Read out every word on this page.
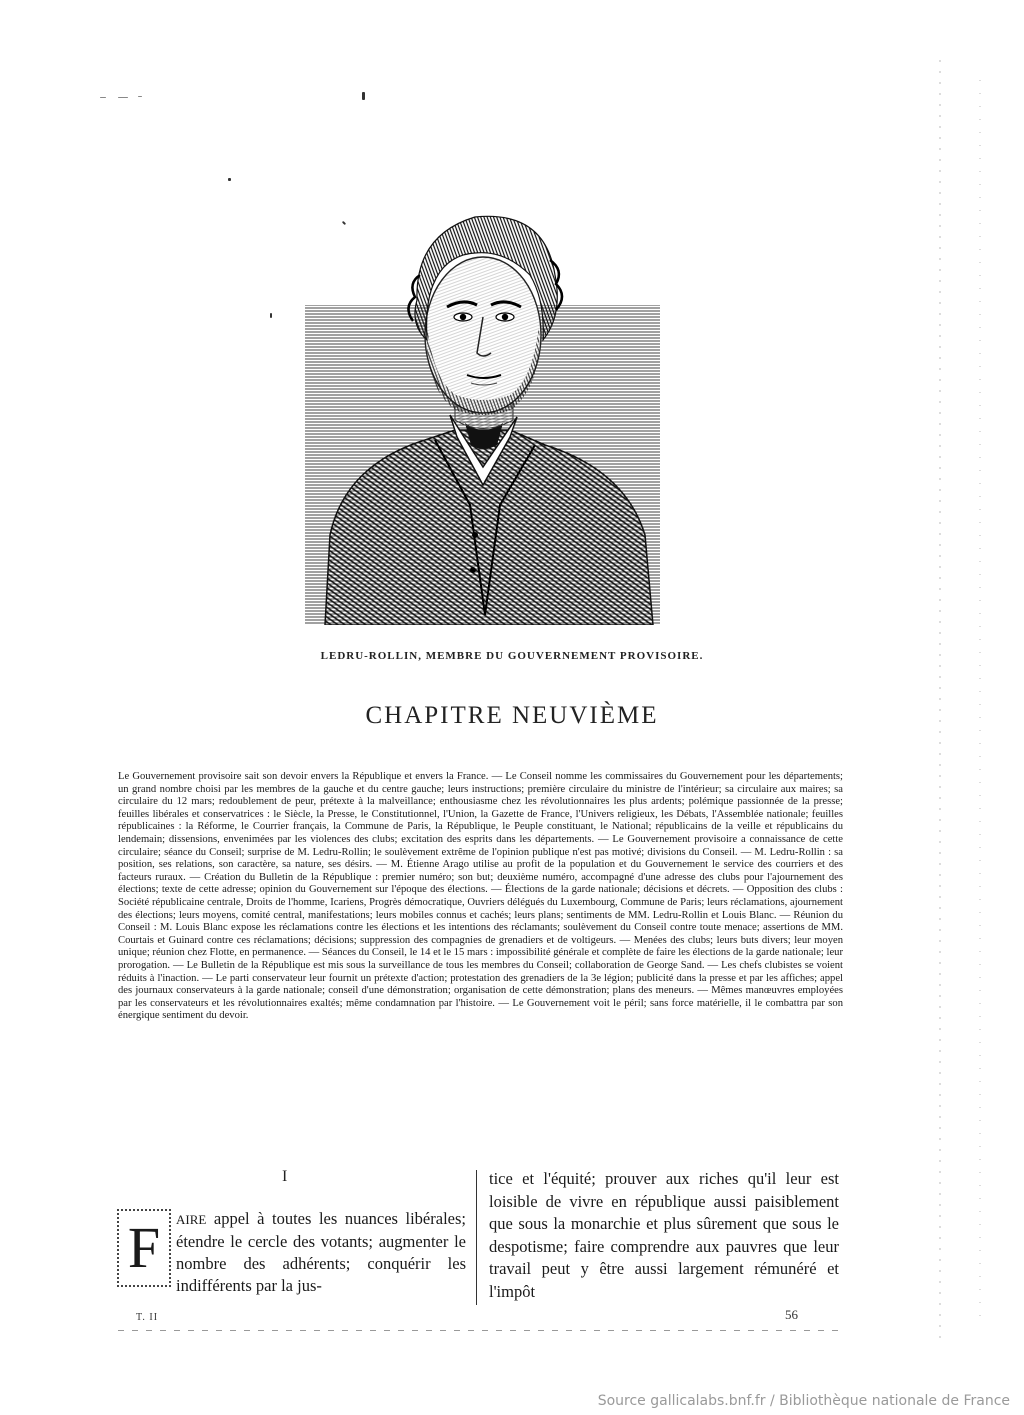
LEDRU-ROLLIN, MEMBRE DU GOUVERNEMENT PROVISOIRE.
CHAPITRE NEUVIÈME
Le Gouvernement provisoire sait son devoir envers la République et envers la France. — Le Conseil nomme les commissaires du Gouvernement pour les départements; un grand nombre choisi par les membres de la gauche et du centre gauche; leurs instructions; première circulaire du ministre de l'intérieur; sa circulaire aux maires; sa circulaire du 12 mars; redoublement de peur, prétexte à la malveillance; enthousiasme chez les révolutionnaires les plus ardents; polémique passionnée de la presse; feuilles libérales et conservatrices : le Siècle, la Presse, le Constitutionnel, l'Union, la Gazette de France, l'Univers religieux, les Débats, l'Assemblée nationale; feuilles républicaines : la Réforme, le Courrier français, la Commune de Paris, la République, le Peuple constituant, le National; républicains de la veille et républicains du lendemain; dissensions, envenimées par les violences des clubs; excitation des esprits dans les départements. — Le Gouvernement provisoire a connaissance de cette circulaire; séance du Conseil; surprise de M. Ledru-Rollin; le soulèvement extrême de l'opinion publique n'est pas motivé; divisions du Conseil. — M. Ledru-Rollin : sa position, ses relations, son caractère, sa nature, ses désirs. — M. Étienne Arago utilise au profit de la population et du Gouvernement le service des courriers et des facteurs ruraux. — Création du Bulletin de la République : premier numéro; son but; deuxième numéro, accompagné d'une adresse des clubs pour l'ajournement des élections; texte de cette adresse; opinion du Gouvernement sur l'époque des élections. — Élections de la garde nationale; décisions et décrets. — Opposition des clubs : Société républicaine centrale, Droits de l'homme, Icariens, Progrès démocratique, Ouvriers délégués du Luxembourg, Commune de Paris; leurs réclamations, ajournement des élections; leurs moyens, comité central, manifestations; leurs mobiles connus et cachés; leurs plans; sentiments de MM. Ledru-Rollin et Louis Blanc. — Réunion du Conseil : M. Louis Blanc expose les réclamations contre les élections et les intentions des réclamants; soulèvement du Conseil contre toute menace; assertions de MM. Courtais et Guinard contre ces réclamations; décisions; suppression des compagnies de grenadiers et de voltigeurs. — Menées des clubs; leurs buts divers; leur moyen unique; réunion chez Flotte, en permanence. — Séances du Conseil, le 14 et le 15 mars : impossibilité générale et complète de faire les élections de la garde nationale; leur prorogation. — Le Bulletin de la République est mis sous la surveillance de tous les membres du Conseil; collaboration de George Sand. — Les chefs clubistes se voient réduits à l'inaction. — Le parti conservateur leur fournit un prétexte d'action; protestation des grenadiers de la 3e légion; publicité dans la presse et par les affiches; appel des journaux conservateurs à la garde nationale; conseil d'une démonstration; organisation de cette démonstration; plans des meneurs. — Mêmes manœuvres employées par les conservateurs et les révolutionnaires exaltés; même condamnation par l'histoire. — Le Gouvernement voit le péril; sans force matérielle, il le combattra par son énergique sentiment du devoir.
I
F AIRE appel à toutes les nuances libérales; étendre le cercle des votants; augmenter le nombre des adhérents; conquérir les indifférents par la jus-

tice et l'équité; prouver aux riches qu'il leur est loisible de vivre en république aussi paisiblement que sous la monarchie et plus sûrement que sous le despotisme; faire comprendre aux pauvres que leur travail peut y être aussi largement rémunéré et l'impôt

T. II	56
Source gallicalabs.bnf.fr / Bibliothèque nationale de France
